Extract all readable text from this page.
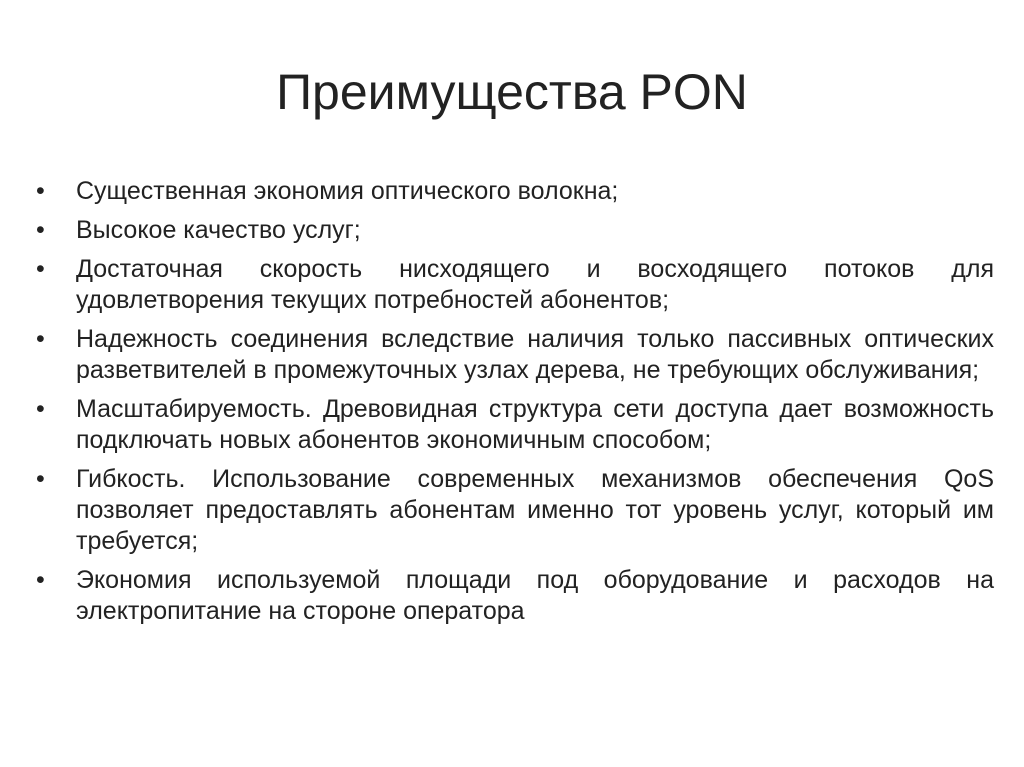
Преимущества PON
•	Существенная экономия оптического волокна;
•	Высокое качество услуг;
•	Достаточная скорость нисходящего и восходящего потоков для удовлетворения текущих потребностей абонентов;
•	Надежность соединения вследствие наличия только пассивных оптических разветвителей в промежуточных узлах дерева, не требующих обслуживания;
•	Масштабируемость. Древовидная структура сети доступа дает возможность подключать новых абонентов экономичным способом;
•	Гибкость. Использование современных механизмов обеспечения QoS позволяет предоставлять абонентам именно тот уровень услуг, который им требуется;
•	Экономия используемой площади под оборудование и расходов на электропитание на стороне оператора
